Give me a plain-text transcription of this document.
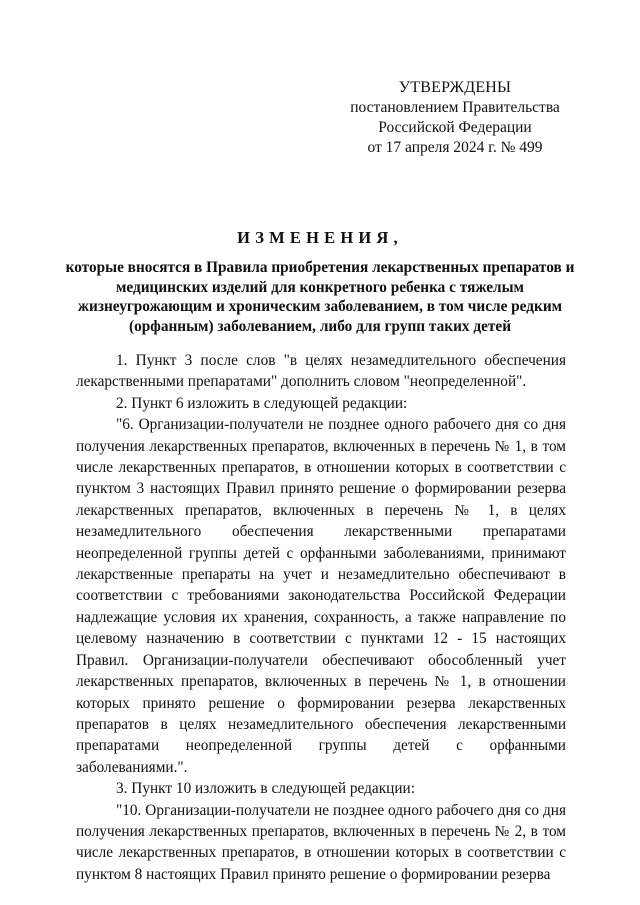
УТВЕРЖДЕНЫ
постановлением Правительства
Российской Федерации
от 17 апреля 2024 г. № 499
ИЗМЕНЕНИЯ,
которые вносятся в Правила приобретения лекарственных препаратов и медицинских изделий для конкретного ребенка с тяжелым жизнеугрожающим и хроническим заболеванием, в том числе редким (орфанным) заболеванием, либо для групп таких детей

1. Пункт 3 после слов "в целях незамедлительного обеспечения лекарственными препаратами" дополнить словом "неопределенной".

2. Пункт 6 изложить в следующей редакции:

"6. Организации-получатели не позднее одного рабочего дня со дня получения лекарственных препаратов, включенных в перечень № 1, в том числе лекарственных препаратов, в отношении которых в соответствии с пунктом 3 настоящих Правил принято решение о формировании резерва лекарственных препаратов, включенных в перечень № 1, в целях незамедлительного обеспечения лекарственными препаратами неопределенной группы детей с орфанными заболеваниями, принимают лекарственные препараты на учет и незамедлительно обеспечивают в соответствии с требованиями законодательства Российской Федерации надлежащие условия их хранения, сохранность, а также направление по целевому назначению в соответствии с пунктами 12 - 15 настоящих Правил. Организации-получатели обеспечивают обособленный учет лекарственных препаратов, включенных в перечень № 1, в отношении которых принято решение о формировании резерва лекарственных препаратов в целях незамедлительного обеспечения лекарственными препаратами неопределенной группы детей с орфанными заболеваниями.".

3. Пункт 10 изложить в следующей редакции:

"10. Организации-получатели не позднее одного рабочего дня со дня получения лекарственных препаратов, включенных в перечень № 2, в том числе лекарственных препаратов, в отношении которых в соответствии с пунктом 8 настоящих Правил принято решение о формировании резерва
